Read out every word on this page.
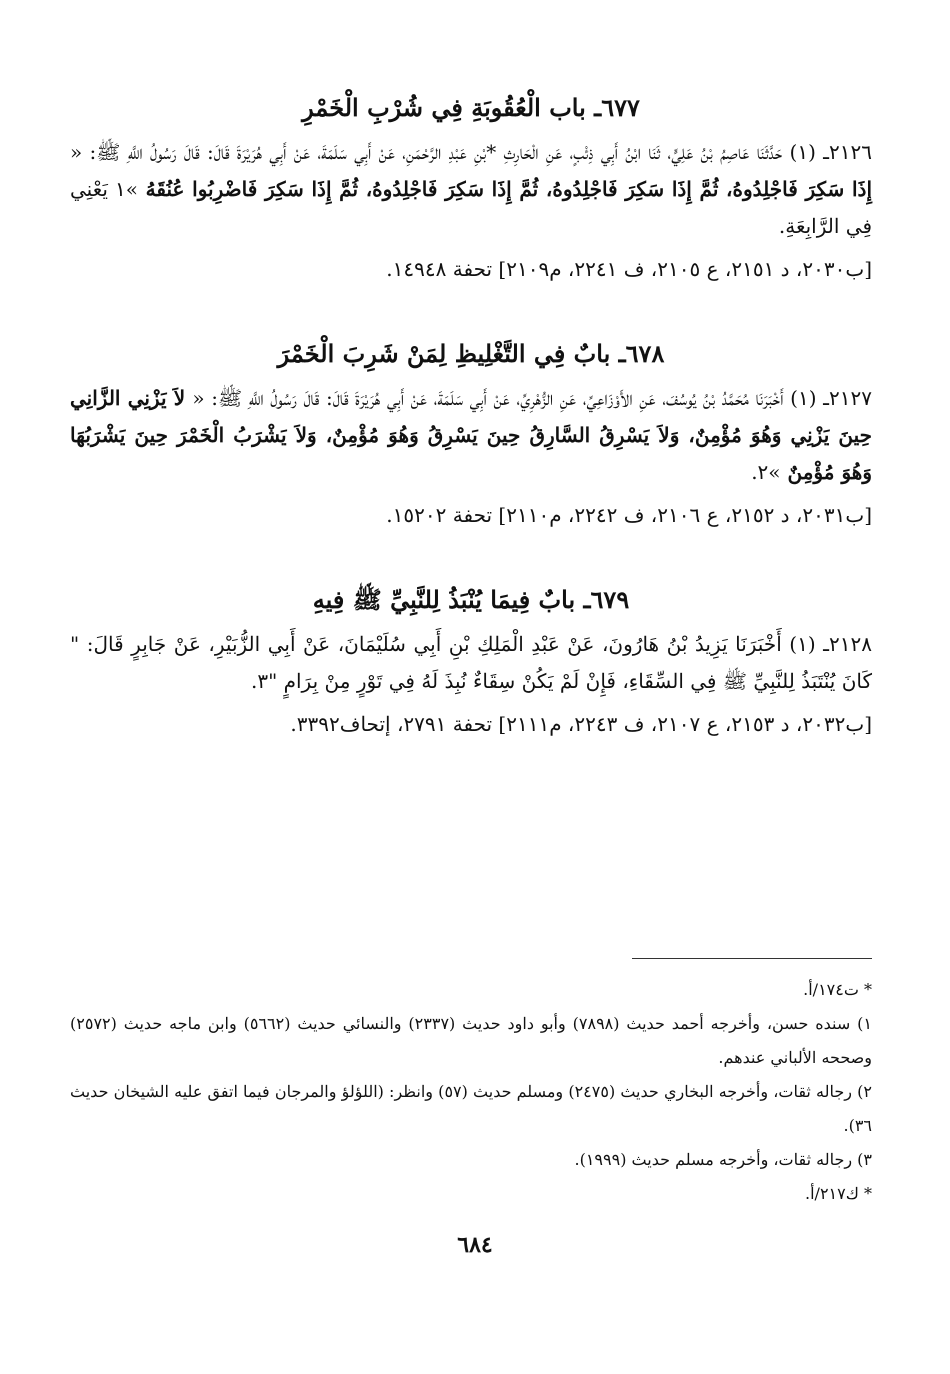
٦٧٧ـ باب الْعُقُوبَةِ فِي شُرْبِ الْخَمْرِ

٢١٢٦ـ (١) حَدَّثَنَا عَاصِمُ بْنُ عَلِيٍّ، ثَنَا ابْنُ أَبِي ذِئْبٍ، عَنِ الْحَارِثِ *بْنِ عَبْدِ الرَّحْمَنِ، عَنْ أَبِي سَلَمَةَ، عَنْ أَبِي هُرَيْرَةَ قَالَ: قَالَ رَسُولُ اللَّهِ ﷺ: « إِذَا سَكِرَ فَاجْلِدُوهُ، ثُمَّ إِذَا سَكِرَ فَاجْلِدُوهُ، ثُمَّ إِذَا سَكِرَ فَاجْلِدُوهُ، ثُمَّ إِذَا سَكِرَ فَاضْرِبُوا عُنُقَهُ »١ يَعْنِي فِي الرَّابِعَةِ.

[ب٢٠٣٠، د ٢١٥١، ع ٢١٠٥، ف ٢٢٤١، م٢١٠٩] تحفة ١٤٩٤٨.

٦٧٨ـ بابٌ فِي التَّغْلِيظِ لِمَنْ شَرِبَ الْخَمْرَ

٢١٢٧ـ (١) أَخْبَرَنَا مُحَمَّدُ بْنُ يُوسُفَ، عَنِ الأَوْزَاعِيِّ، عَنِ الزُّهْرِيِّ، عَنْ أَبِي سَلَمَةَ، عَنْ أَبِي هُرَيْرَةَ قَالَ: قَالَ رَسُولُ اللَّهِ ﷺ: « لاَ يَزْنِي الزَّانِي حِينَ يَزْنِي وَهُوَ مُؤْمِنٌ، وَلاَ يَسْرِقُ السَّارِقُ حِينَ يَسْرِقُ وَهُوَ مُؤْمِنٌ، وَلاَ يَشْرَبُ الْخَمْرَ حِينَ يَشْرَبُهَا وَهُوَ مُؤْمِنٌ »٢.

[ب٢٠٣١، د ٢١٥٢، ع ٢١٠٦، ف ٢٢٤٢، م٢١١٠] تحفة ١٥٢٠٢.

٦٧٩ـ بابٌ فِيمَا يُنْبَذُ لِلنَّبِيِّ ﷺ فِيهِ

٢١٢٨ـ (١) أَخْبَرَنَا يَزِيدُ بْنُ هَارُونَ، عَنْ عَبْدِ الْمَلِكِ بْنِ أَبِي سُلَيْمَانَ، عَنْ أَبِي الزُّبَيْرِ، عَنْ جَابِرٍ قَالَ: " كَانَ يُنْتَبَذُ لِلنَّبِيِّ ﷺ فِي السِّقَاءِ، فَإِنْ لَمْ يَكُنْ سِقَاءٌ نُبِذَ لَهُ فِي تَوْرٍ مِنْ بِرَامٍ "٣.

[ب٢٠٣٢، د ٢١٥٣، ع ٢١٠٧، ف ٢٢٤٣، م٢١١١] تحفة ٢٧٩١، إتحاف٣٣٩٢.

* ت١٧٤/أ.

١) سنده حسن، وأخرجه أحمد حديث (٧٨٩٨) وأبو داود حديث (٢٣٣٧) والنسائي حديث (٥٦٦٢) وابن ماجه حديث (٢٥٧٢) وصححه الألباني عندهم.

٢) رجاله ثقات، وأخرجه البخاري حديث (٢٤٧٥) ومسلم حديث (٥٧) وانظر: (اللؤلؤ والمرجان فيما اتفق عليه الشيخان حديث ٣٦).

٣) رجاله ثقات، وأخرجه مسلم حديث (١٩٩٩).

* ك٢١٧/أ.

٦٨٤
